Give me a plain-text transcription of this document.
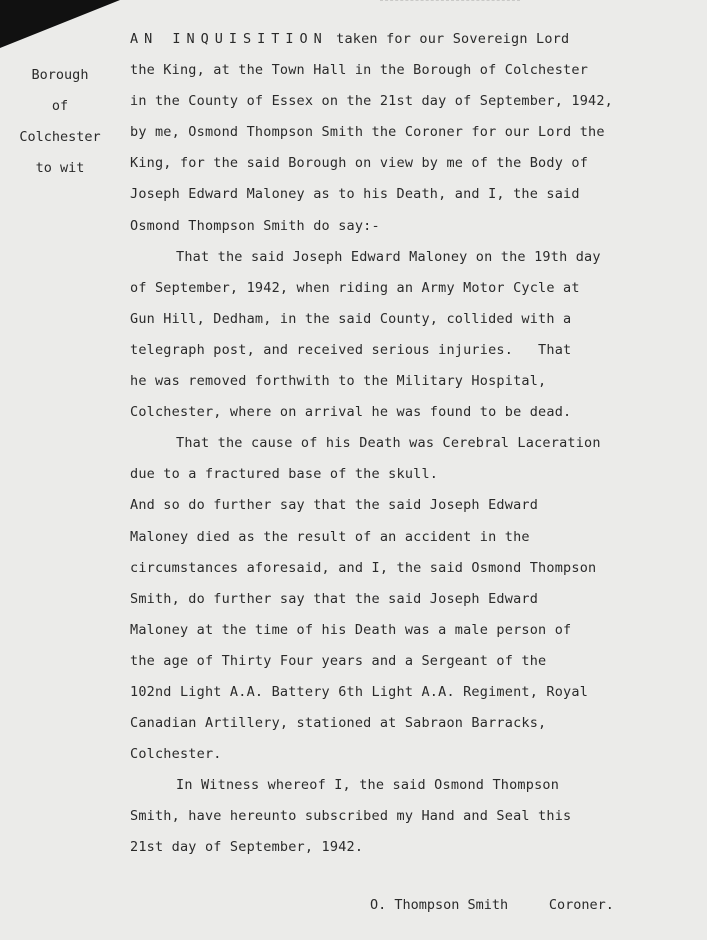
Borough
of
Colchester
to wit
AN INQUISITION taken for our Sovereign Lord
the King, at the Town Hall in the Borough of Colchester
in the County of Essex on the 21st day of September, 1942,
by me, Osmond Thompson Smith the Coroner for our Lord the
King, for the said Borough on view by me of the Body of
Joseph Edward Maloney as to his Death, and I, the said
Osmond Thompson Smith do say:-
That the said Joseph Edward Maloney on the 19th day
of September, 1942, when riding an Army Motor Cycle at
Gun Hill, Dedham, in the said County, collided with a
telegraph post, and received serious injuries.   That
he was removed forthwith to the Military Hospital,
Colchester, where on arrival he was found to be dead.
That the cause of his Death was Cerebral Laceration
due to a fractured base of the skull.
And so do further say that the said Joseph Edward
Maloney died as the result of an accident in the
circumstances aforesaid, and I, the said Osmond Thompson
Smith, do further say that the said Joseph Edward
Maloney at the time of his Death was a male person of
the age of Thirty Four years and a Sergeant of the
102nd Light A.A. Battery 6th Light A.A. Regiment, Royal
Canadian Artillery, stationed at Sabraon Barracks,
Colchester.
In Witness whereof I, the said Osmond Thompson
Smith, have hereunto subscribed my Hand and Seal this
21st day of September, 1942.
O. Thompson Smith	Coroner.
